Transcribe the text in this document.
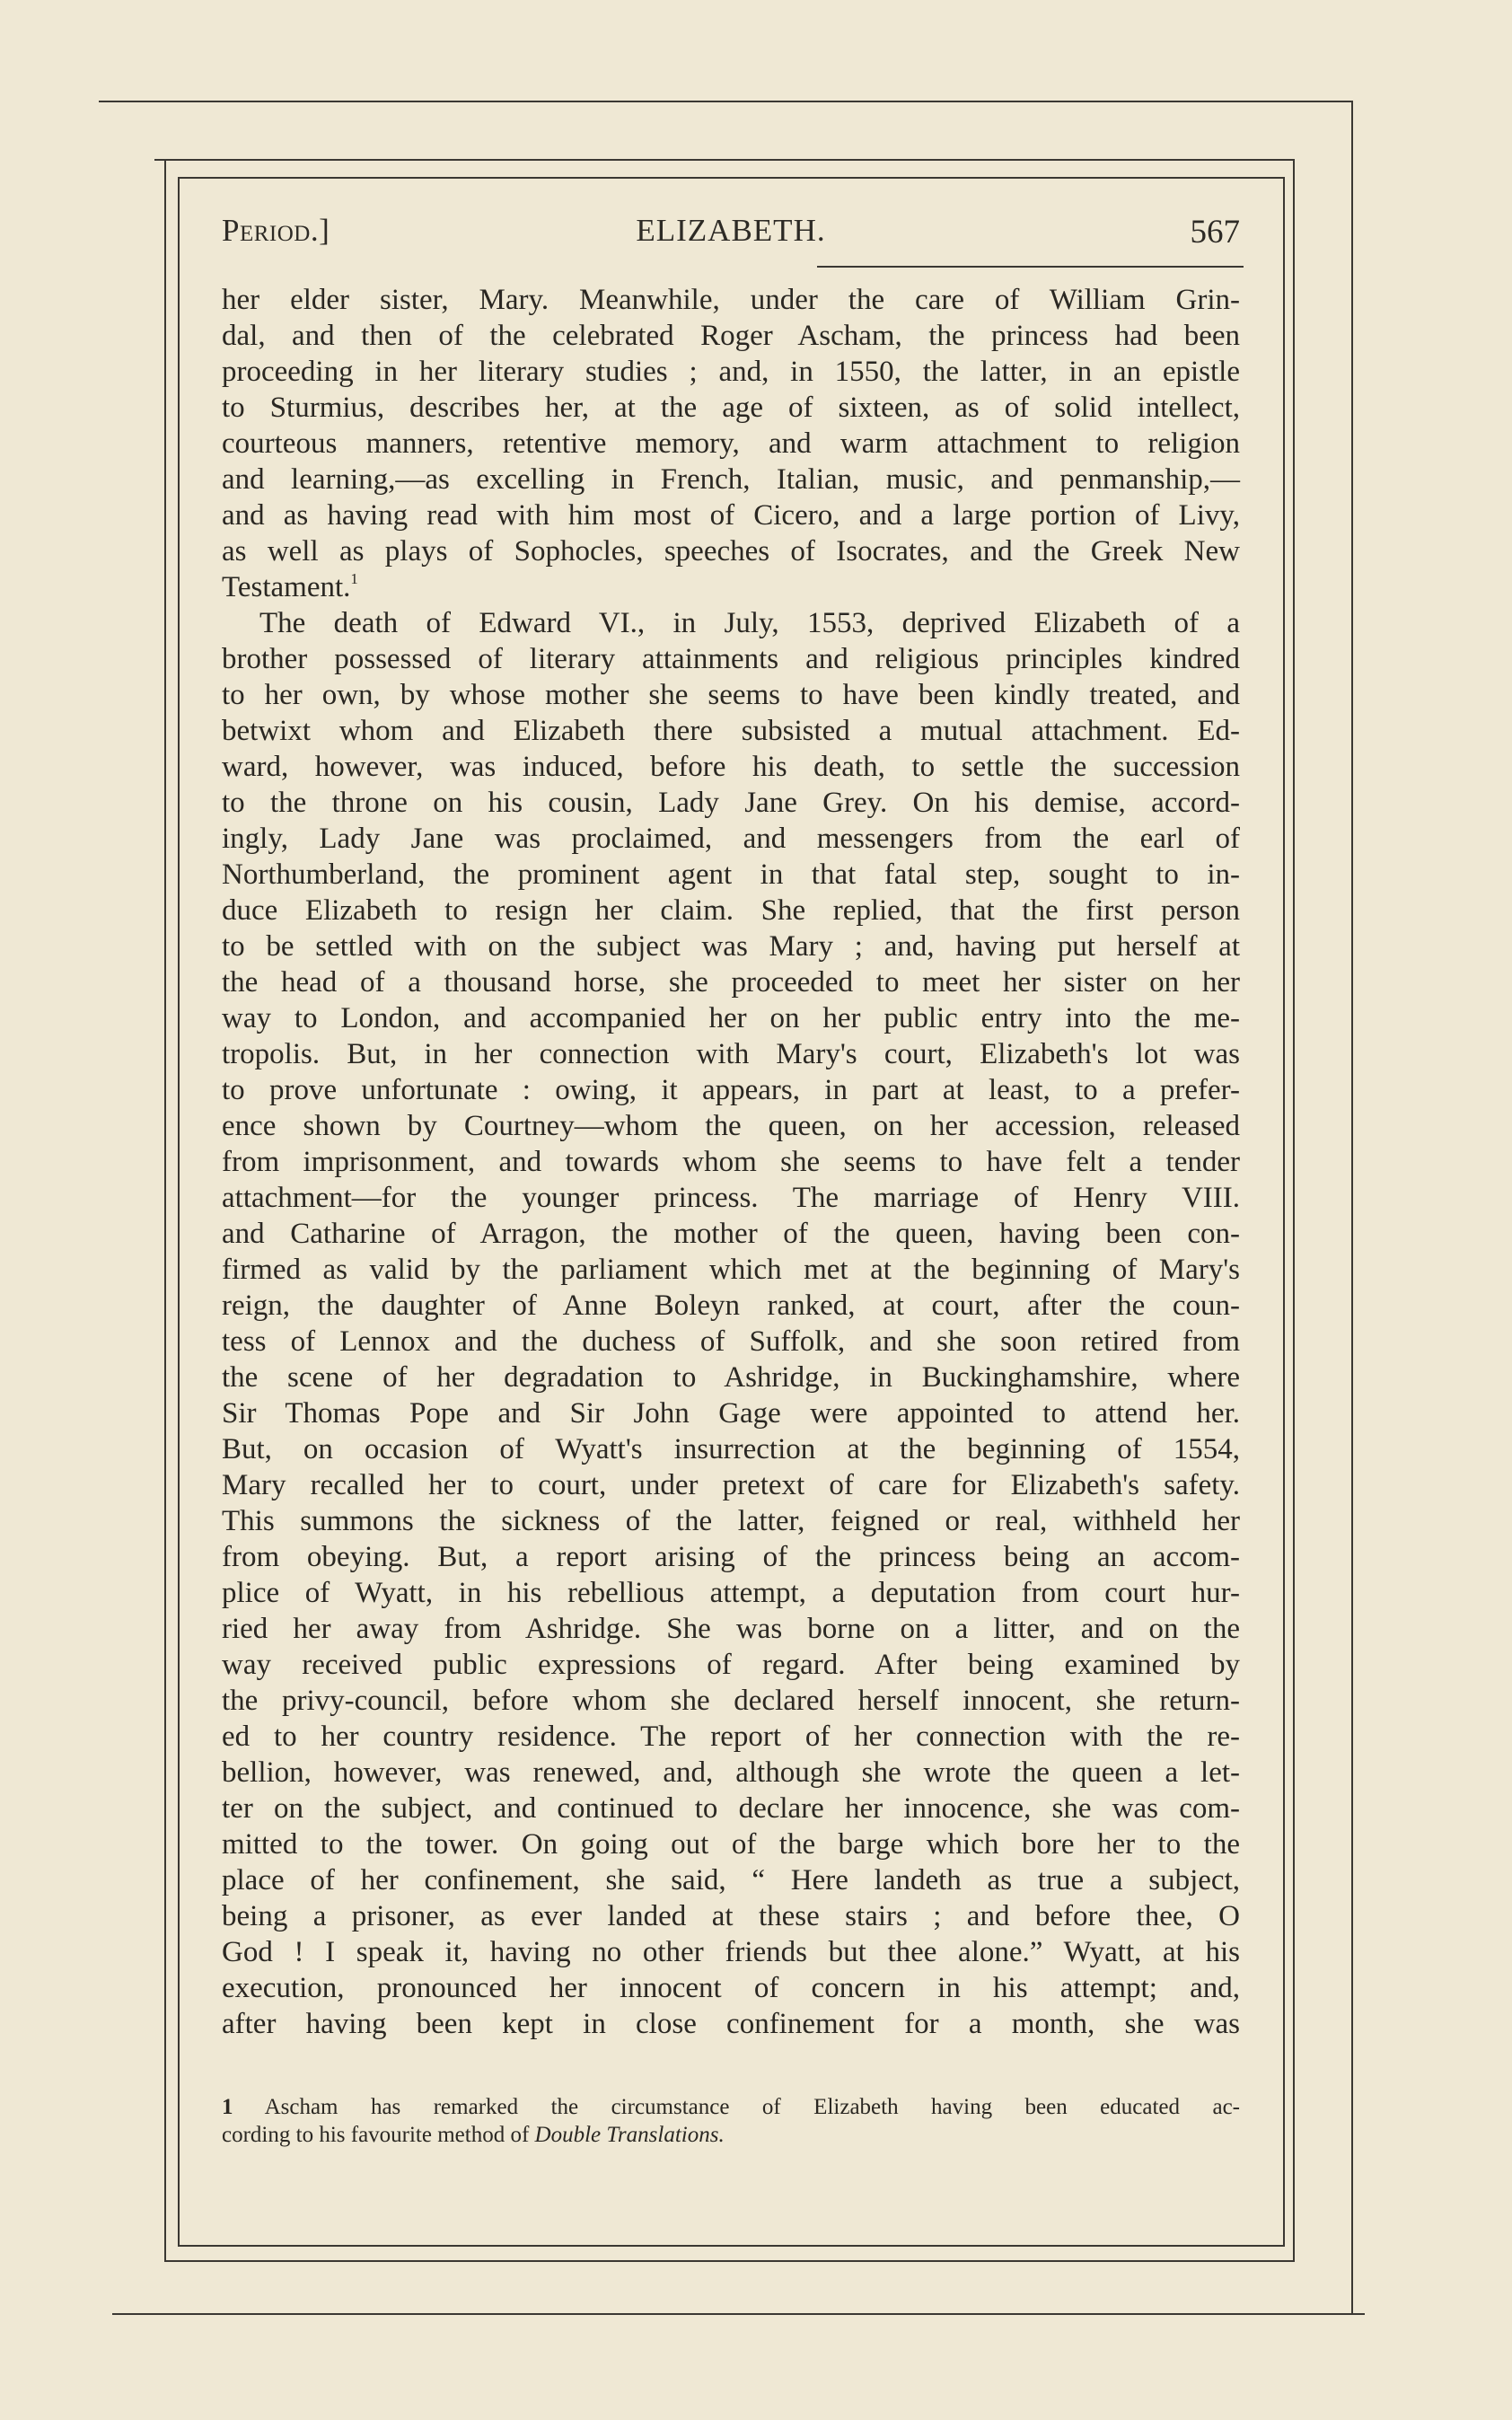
Period.]	ELIZABETH.	567
her elder sister, Mary. Meanwhile, under the care of William Grin-
dal, and then of the celebrated Roger Ascham, the princess had been
proceeding in her literary studies ; and, in 1550, the latter, in an epistle
to Sturmius, describes her, at the age of sixteen, as of solid intellect,
courteous manners, retentive memory, and warm attachment to religion
and learning,—as excelling in French, Italian, music, and penmanship,—
and as having read with him most of Cicero, and a large portion of Livy,
as well as plays of Sophocles, speeches of Isocrates, and the Greek New
Testament.$^1$
The death of Edward VI., in July, 1553, deprived Elizabeth of a
brother possessed of literary attainments and religious principles kindred
to her own, by whose mother she seems to have been kindly treated, and
betwixt whom and Elizabeth there subsisted a mutual attachment. Ed-
ward, however, was induced, before his death, to settle the succession
to the throne on his cousin, Lady Jane Grey. On his demise, accord-
ingly, Lady Jane was proclaimed, and messengers from the earl of
Northumberland, the prominent agent in that fatal step, sought to in-
duce Elizabeth to resign her claim. She replied, that the first person
to be settled with on the subject was Mary ; and, having put herself at
the head of a thousand horse, she proceeded to meet her sister on her
way to London, and accompanied her on her public entry into the me-
tropolis. But, in her connection with Mary's court, Elizabeth's lot was
to prove unfortunate : owing, it appears, in part at least, to a prefer-
ence shown by Courtney—whom the queen, on her accession, released
from imprisonment, and towards whom she seems to have felt a tender
attachment—for the younger princess. The marriage of Henry VIII.
and Catharine of Arragon, the mother of the queen, having been con-
firmed as valid by the parliament which met at the beginning of Mary's
reign, the daughter of Anne Boleyn ranked, at court, after the coun-
tess of Lennox and the duchess of Suffolk, and she soon retired from
the scene of her degradation to Ashridge, in Buckinghamshire, where
Sir Thomas Pope and Sir John Gage were appointed to attend her.
But, on occasion of Wyatt's insurrection at the beginning of 1554,
Mary recalled her to court, under pretext of care for Elizabeth's safety.
This summons the sickness of the latter, feigned or real, withheld her
from obeying. But, a report arising of the princess being an accom-
plice of Wyatt, in his rebellious attempt, a deputation from court hur-
ried her away from Ashridge. She was borne on a litter, and on the
way received public expressions of regard. After being examined by
the privy-council, before whom she declared herself innocent, she return-
ed to her country residence. The report of her connection with the re-
bellion, however, was renewed, and, although she wrote the queen a let-
ter on the subject, and continued to declare her innocence, she was com-
mitted to the tower. On going out of the barge which bore her to the
place of her confinement, she said, “ Here landeth as true a subject,
being a prisoner, as ever landed at these stairs ; and before thee, O
God ! I speak it, having no other friends but thee alone.” Wyatt, at his
execution, pronounced her innocent of concern in his attempt; and,
after having been kept in close confinement for a month, she was
1 Ascham has remarked the circumstance of Elizabeth having been educated ac-
cording to his favourite method of Double Translations.
